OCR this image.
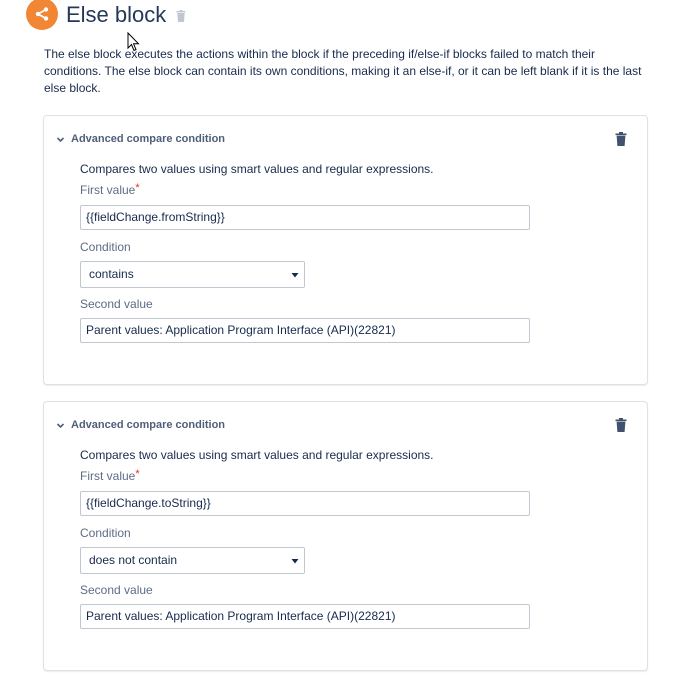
Else block
The else block executes the actions within the block if the preceding if/else-if blocks failed to match their conditions. The else block can contain its own conditions, making it an else-if, or it can be left blank if it is the last else block.
Advanced compare condition
Compares two values using smart values and regular expressions.
First value*
{{fieldChange.fromString}}
Condition
contains
Second value
Parent values: Application Program Interface (API)(22821)
Advanced compare condition
Compares two values using smart values and regular expressions.
First value*
{{fieldChange.toString}}
Condition
does not contain
Second value
Parent values: Application Program Interface (API)(22821)
